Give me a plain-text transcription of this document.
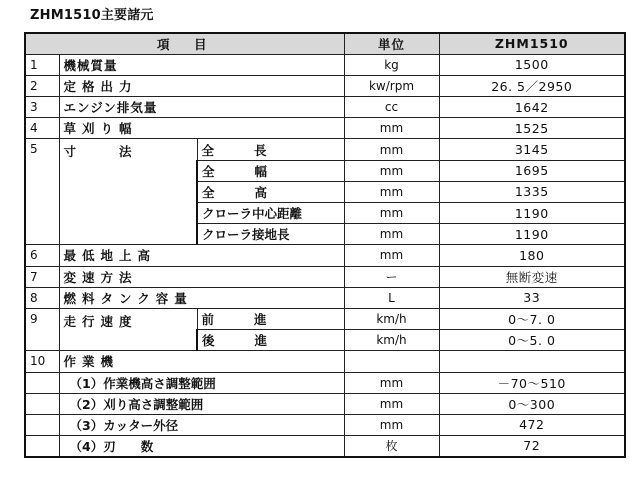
ZHM1510主要諸元
項　目			単位	ZHM1510
1	機械質量		kg	1500
2	定格出力		kw/rpm	26. 5／2950
3	エンジン排気量		cc	1642
4	草刈り幅		mm	1525
5	寸　　法	全　　長	mm	3145
		全　　幅	mm	1695
		全　　高	mm	1335
		クローラ中心距離	mm	1190
		クローラ接地長	mm	1190
6	最低地上高		mm	180
7	変速方法		ー	無断変速
8	燃料タンク容量		L	33
9	走行速度	前　　進	km/h	0～7. 0
		後　　進	km/h	0～5. 0
10	作業機			
	（1）作業機高さ調整範囲		mm	－70～510
	（2）刈り高さ調整範囲		mm	0～300
	（3）カッター外径		mm	472
	（4）刃　　数		枚	72
